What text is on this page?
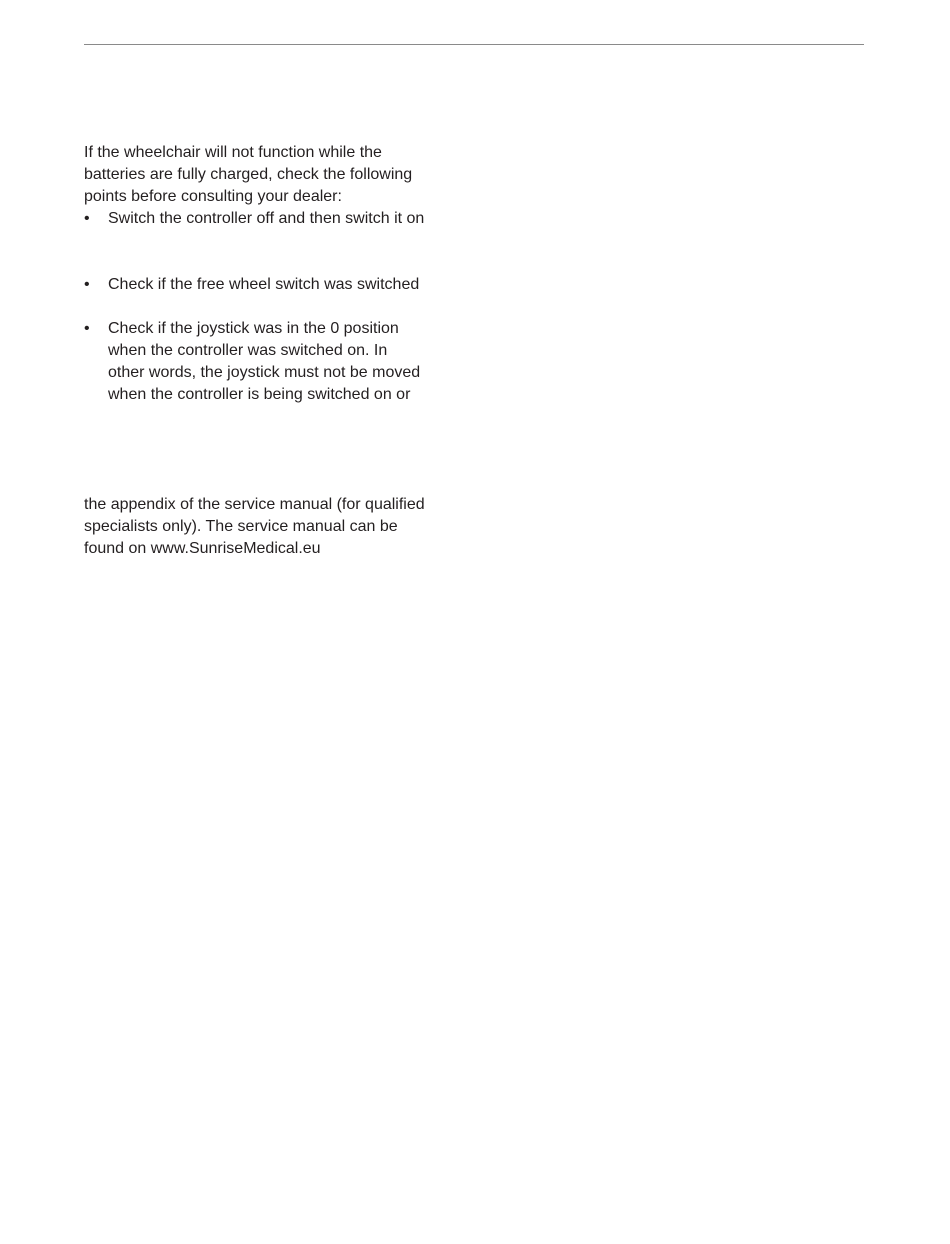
If the wheelchair will not function while the
batteries are fully charged, check the following
points before consulting your dealer:
•	Switch the controller off and then switch it on
•	Check if the free wheel switch was switched
•	Check if the joystick was in the 0 position
when the controller was switched on. In
other words, the joystick must not be moved
when the controller is being switched on or
the appendix of the service manual (for qualified
specialists only). The service manual can be
found on www.SunriseMedical.eu
